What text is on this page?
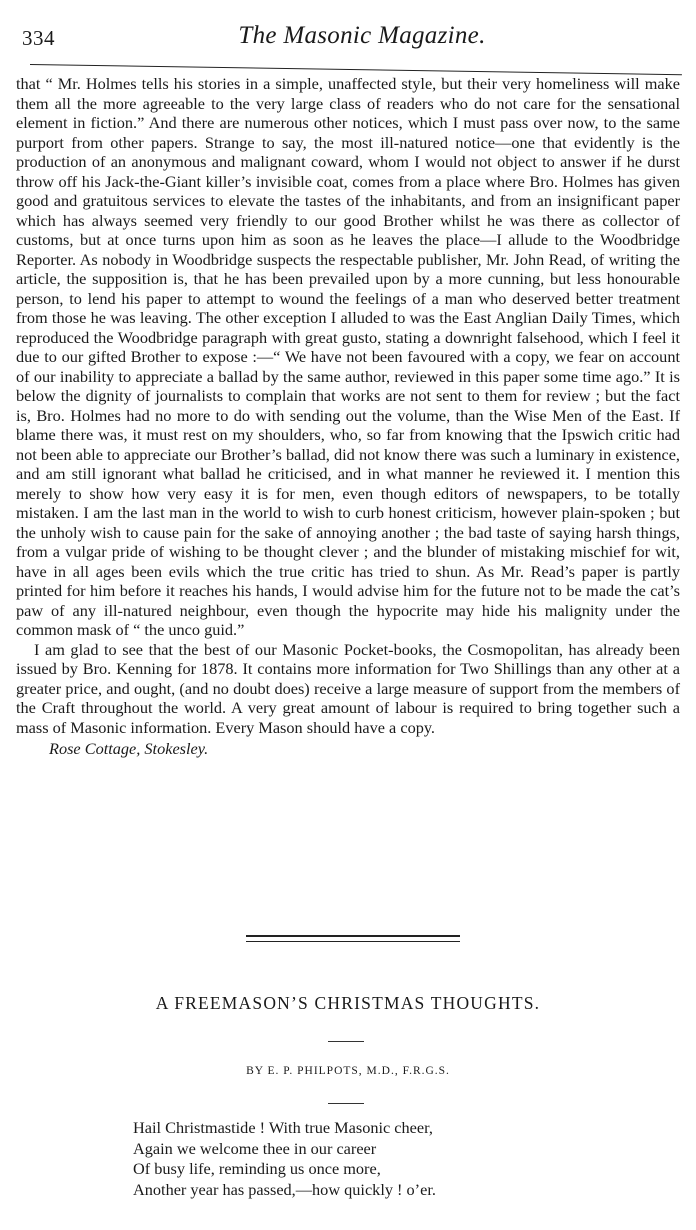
334	The Masonic Magazine.

that “ Mr. Holmes tells his stories in a simple, unaffected style, but their very homeliness will make them all the more agreeable to the very large class of readers who do not care for the sensational element in fiction.” And there are numerous other notices, which I must pass over now, to the same purport from other papers. Strange to say, the most ill-natured notice—one that evidently is the production of an anonymous and malignant coward, whom I would not object to answer if he durst throw off his Jack-the-Giant killer’s invisible coat, comes from a place where Bro. Holmes has given good and gratuitous services to elevate the tastes of the inhabitants, and from an insignificant paper which has always seemed very friendly to our good Brother whilst he was there as collector of customs, but at once turns upon him as soon as he leaves the place—I allude to the Woodbridge Reporter. As nobody in Woodbridge suspects the respectable publisher, Mr. John Read, of writing the article, the supposition is, that he has been prevailed upon by a more cunning, but less honourable person, to lend his paper to attempt to wound the feelings of a man who deserved better treatment from those he was leaving. The other exception I alluded to was the East Anglian Daily Times, which reproduced the Woodbridge paragraph with great gusto, stating a downright falsehood, which I feel it due to our gifted Brother to expose :—“ We have not been favoured with a copy, we fear on account of our inability to appreciate a ballad by the same author, reviewed in this paper some time ago.” It is below the dignity of journalists to complain that works are not sent to them for review ; but the fact is, Bro. Holmes had no more to do with sending out the volume, than the Wise Men of the East. If blame there was, it must rest on my shoulders, who, so far from knowing that the Ipswich critic had not been able to appreciate our Brother’s ballad, did not know there was such a luminary in existence, and am still ignorant what ballad he criticised, and in what manner he reviewed it. I mention this merely to show how very easy it is for men, even though editors of newspapers, to be totally mistaken. I am the last man in the world to wish to curb honest criticism, however plain-spoken ; but the unholy wish to cause pain for the sake of annoying another ; the bad taste of saying harsh things, from a vulgar pride of wishing to be thought clever ; and the blunder of mistaking mischief for wit, have in all ages been evils which the true critic has tried to shun. As Mr. Read’s paper is partly printed for him before it reaches his hands, I would advise him for the future not to be made the cat’s paw of any ill-natured neighbour, even though the hypocrite may hide his malignity under the common mask of “ the unco guid.”

I am glad to see that the best of our Masonic Pocket-books, the Cosmopolitan, has already been issued by Bro. Kenning for 1878. It contains more information for Two Shillings than any other at a greater price, and ought, (and no doubt does) receive a large measure of support from the members of the Craft throughout the world. A very great amount of labour is required to bring together such a mass of Masonic information. Every Mason should have a copy.

Rose Cottage, Stokesley.

A FREEMASON’S CHRISTMAS THOUGHTS.
BY E. P. PHILPOTS, M.D., F.R.G.S.
Hail Christmastide ! With true Masonic cheer,
Again we welcome thee in our career
Of busy life, reminding us once more,
Another year has passed,—how quickly ! o’er.
